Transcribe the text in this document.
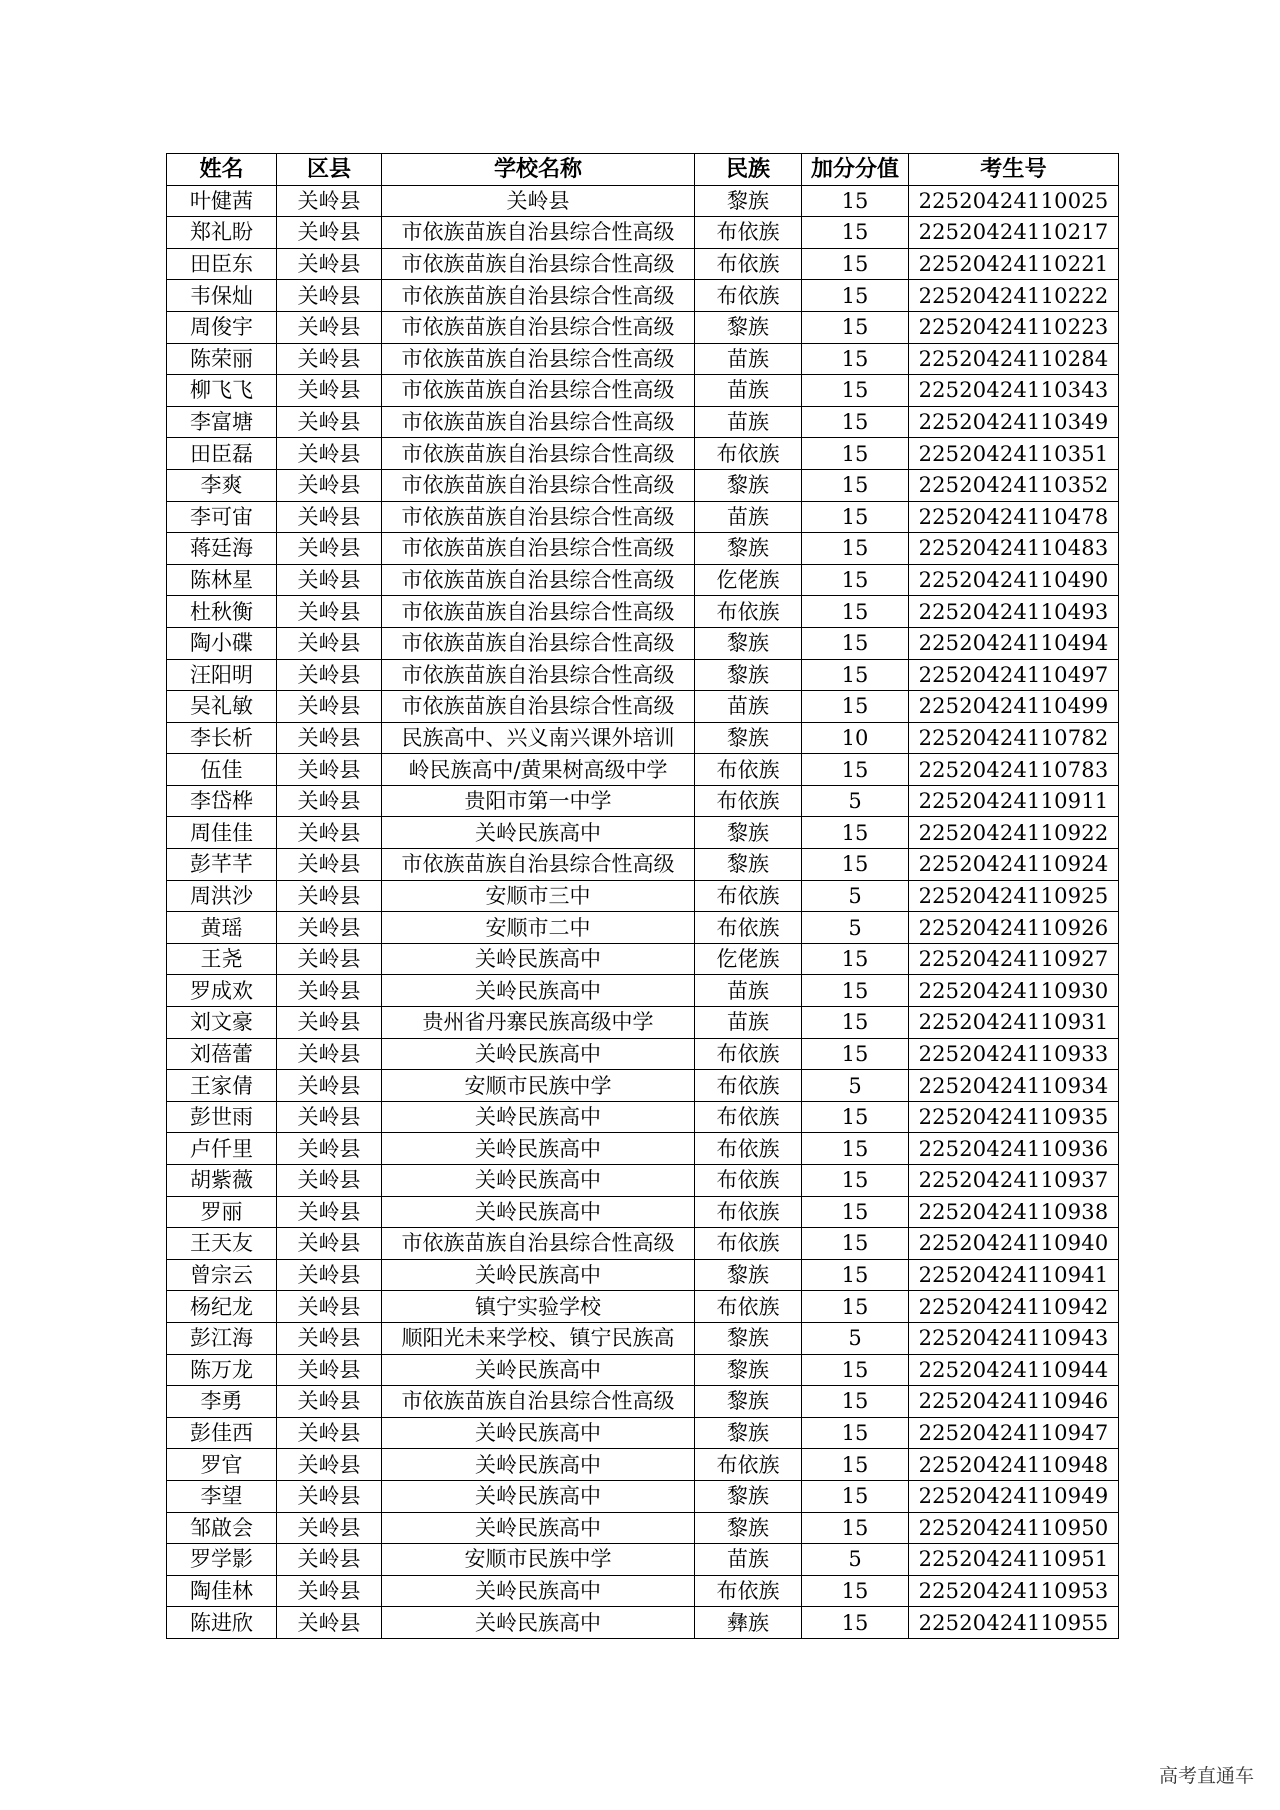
姓名	区县	学校名称	民族	加分分值	考生号
叶健茜	关岭县	关岭县	黎族	15	22520424110025
郑礼盼	关岭县	市依族苗族自治县综合性高级	布依族	15	22520424110217
田臣东	关岭县	市依族苗族自治县综合性高级	布依族	15	22520424110221
韦保灿	关岭县	市依族苗族自治县综合性高级	布依族	15	22520424110222
周俊宇	关岭县	市依族苗族自治县综合性高级	黎族	15	22520424110223
陈荣丽	关岭县	市依族苗族自治县综合性高级	苗族	15	22520424110284
柳飞飞	关岭县	市依族苗族自治县综合性高级	苗族	15	22520424110343
李富塘	关岭县	市依族苗族自治县综合性高级	苗族	15	22520424110349
田臣磊	关岭县	市依族苗族自治县综合性高级	布依族	15	22520424110351
李爽	关岭县	市依族苗族自治县综合性高级	黎族	15	22520424110352
李可宙	关岭县	市依族苗族自治县综合性高级	苗族	15	22520424110478
蒋廷海	关岭县	市依族苗族自治县综合性高级	黎族	15	22520424110483
陈林星	关岭县	市依族苗族自治县综合性高级	仡佬族	15	22520424110490
杜秋衡	关岭县	市依族苗族自治县综合性高级	布依族	15	22520424110493
陶小碟	关岭县	市依族苗族自治县综合性高级	黎族	15	22520424110494
汪阳明	关岭县	市依族苗族自治县综合性高级	黎族	15	22520424110497
吴礼敏	关岭县	市依族苗族自治县综合性高级	苗族	15	22520424110499
李长析	关岭县	民族高中、兴义南兴课外培训	黎族	10	22520424110782
伍佳	关岭县	岭民族高中/黄果树高级中学	布依族	15	22520424110783
李岱桦	关岭县	贵阳市第一中学	布依族	5	22520424110911
周佳佳	关岭县	关岭民族高中	黎族	15	22520424110922
彭芊芊	关岭县	市依族苗族自治县综合性高级	黎族	15	22520424110924
周洪沙	关岭县	安顺市三中	布依族	5	22520424110925
黄瑶	关岭县	安顺市二中	布依族	5	22520424110926
王尧	关岭县	关岭民族高中	仡佬族	15	22520424110927
罗成欢	关岭县	关岭民族高中	苗族	15	22520424110930
刘文豪	关岭县	贵州省丹寨民族高级中学	苗族	15	22520424110931
刘蓓蕾	关岭县	关岭民族高中	布依族	15	22520424110933
王家倩	关岭县	安顺市民族中学	布依族	5	22520424110934
彭世雨	关岭县	关岭民族高中	布依族	15	22520424110935
卢仟里	关岭县	关岭民族高中	布依族	15	22520424110936
胡紫薇	关岭县	关岭民族高中	布依族	15	22520424110937
罗丽	关岭县	关岭民族高中	布依族	15	22520424110938
王天友	关岭县	市依族苗族自治县综合性高级	布依族	15	22520424110940
曾宗云	关岭县	关岭民族高中	黎族	15	22520424110941
杨纪龙	关岭县	镇宁实验学校	布依族	15	22520424110942
彭江海	关岭县	顺阳光未来学校、镇宁民族高	黎族	5	22520424110943
陈万龙	关岭县	关岭民族高中	黎族	15	22520424110944
李勇	关岭县	市依族苗族自治县综合性高级	黎族	15	22520424110946
彭佳西	关岭县	关岭民族高中	黎族	15	22520424110947
罗官	关岭县	关岭民族高中	布依族	15	22520424110948
李望	关岭县	关岭民族高中	黎族	15	22520424110949
邹啟会	关岭县	关岭民族高中	黎族	15	22520424110950
罗学影	关岭县	安顺市民族中学	苗族	5	22520424110951
陶佳林	关岭县	关岭民族高中	布依族	15	22520424110953
陈进欣	关岭县	关岭民族高中	彝族	15	22520424110955
高考直通车
